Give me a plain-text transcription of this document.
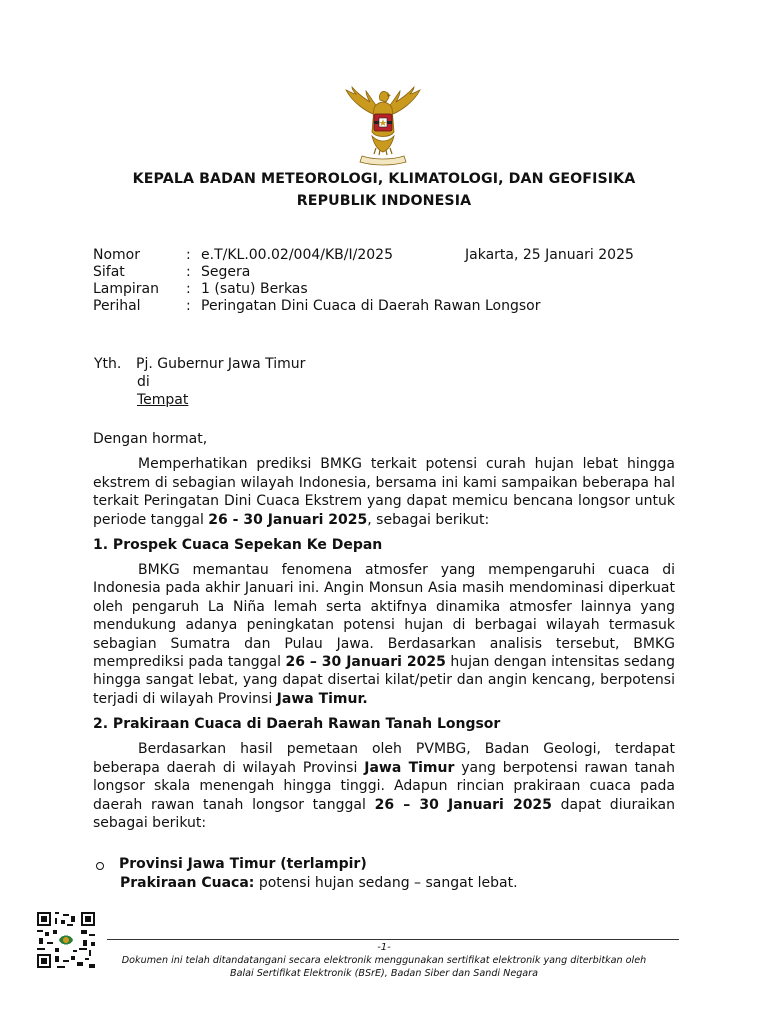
KEPALA BADAN METEOROLOGI, KLIMATOLOGI, DAN GEOFISIKA
REPUBLIK INDONESIA
Nomor	: e.T/KL.00.02/004/KB/I/2025
Sifat	: Segera
Lampiran	: 1 (satu) Berkas
Perihal	: Peringatan Dini Cuaca di Daerah Rawan Longsor
Jakarta, 25 Januari 2025
Yth. Pj. Gubernur Jawa Timur
di
Tempat

Dengan hormat,

Memperhatikan prediksi BMKG terkait potensi curah hujan lebat hingga ekstrem di sebagian wilayah Indonesia, bersama ini kami sampaikan beberapa hal terkait Peringatan Dini Cuaca Ekstrem yang dapat memicu bencana longsor untuk periode tanggal 26 - 30 Januari 2025, sebagai berikut:

1. Prospek Cuaca Sepekan Ke Depan

BMKG memantau fenomena atmosfer yang mempengaruhi cuaca di Indonesia pada akhir Januari ini. Angin Monsun Asia masih mendominasi diperkuat oleh pengaruh La Niña lemah serta aktifnya dinamika atmosfer lainnya yang mendukung adanya peningkatan potensi hujan di berbagai wilayah termasuk sebagian Sumatra dan Pulau Jawa. Berdasarkan analisis tersebut, BMKG memprediksi pada tanggal 26 – 30 Januari 2025 hujan dengan intensitas sedang hingga sangat lebat, yang dapat disertai kilat/petir dan angin kencang, berpotensi terjadi di wilayah Provinsi Jawa Timur.

2. Prakiraan Cuaca di Daerah Rawan Tanah Longsor

Berdasarkan hasil pemetaan oleh PVMBG, Badan Geologi, terdapat beberapa daerah di wilayah Provinsi Jawa Timur yang berpotensi rawan tanah longsor skala menengah hingga tinggi. Adapun rincian prakiraan cuaca pada daerah rawan tanah longsor tanggal 26 – 30 Januari 2025 dapat diuraikan sebagai berikut:

Provinsi Jawa Timur (terlampir)
Prakiraan Cuaca: potensi hujan sedang – sangat lebat.
-1-
Dokumen ini telah ditandatangani secara elektronik menggunakan sertifikat elektronik yang diterbitkan oleh
Balai Sertifikat Elektronik (BSrE), Badan Siber dan Sandi Negara
